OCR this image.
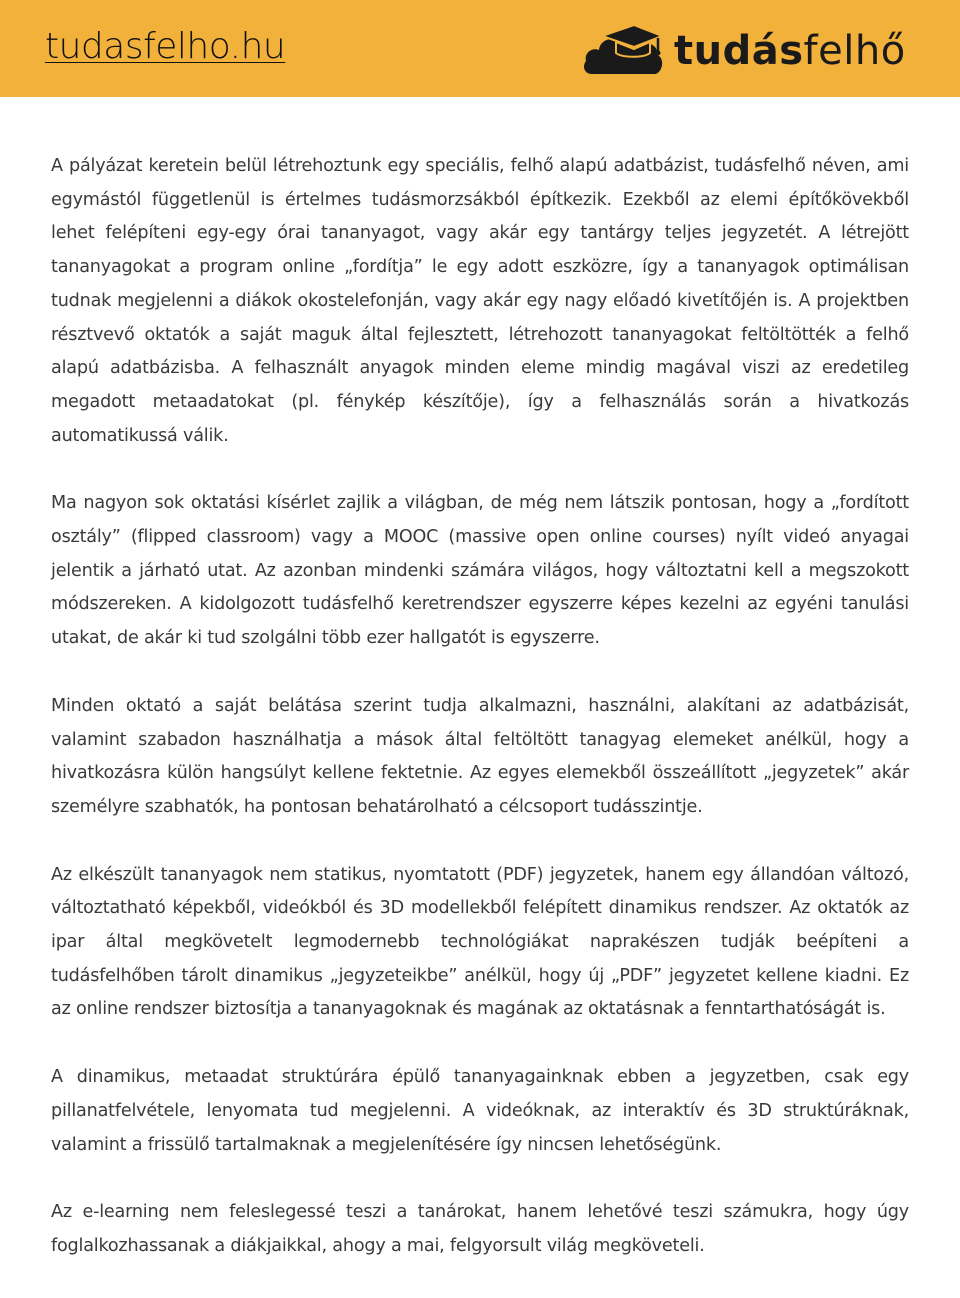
tudasfelho.hu	tudásfelhő

A pályázat keretein belül létrehoztunk egy speciális, felhő alapú adatbázist, tudásfelhő néven, ami egymástól függetlenül is értelmes tudásmorzsákból építkezik. Ezekből az elemi építőkövekből lehet felépíteni egy-egy órai tananyagot, vagy akár egy tantárgy teljes jegyzetét. A létrejött tananyagokat a program online „fordítja” le egy adott eszközre, így a tananyagok optimálisan tudnak megjelenni a diákok okostelefonján, vagy akár egy nagy előadó kivetítőjén is. A projektben résztvevő oktatók a saját maguk által fejlesztett, létrehozott tananyagokat feltöltötték a felhő alapú adatbázisba. A felhasznált anyagok minden eleme mindig magával viszi az eredetileg megadott metaadatokat (pl. fénykép készítője), így a felhasználás során a hivatkozás automatikussá válik.

Ma nagyon sok oktatási kísérlet zajlik a világban, de még nem látszik pontosan, hogy a „fordított osztály” (flipped classroom) vagy a MOOC (massive open online courses) nyílt videó anyagai jelentik a járható utat. Az azonban mindenki számára világos, hogy változtatni kell a megszokott módszereken. A kidolgozott tudásfelhő keretrendszer egyszerre képes kezelni az egyéni tanulási utakat, de akár ki tud szolgálni több ezer hallgatót is egyszerre.

Minden oktató a saját belátása szerint tudja alkalmazni, használni, alakítani az adatbázisát, valamint szabadon használhatja a mások által feltöltött tanagyag elemeket anélkül, hogy a hivatkozásra külön hangsúlyt kellene fektetnie. Az egyes elemekből összeállított „jegyzetek” akár személyre szabhatók, ha pontosan behatárolható a célcsoport tudásszintje.

Az elkészült tananyagok nem statikus, nyomtatott (PDF) jegyzetek, hanem egy állandóan változó, változtatható képekből, videókból és 3D modellekből felépített dinamikus rendszer. Az oktatók az ipar által megkövetelt legmodernebb technológiákat naprakészen tudják beépíteni a tudásfelhőben tárolt dinamikus „jegyzeteikbe” anélkül, hogy új „PDF” jegyzetet kellene kiadni. Ez az online rendszer biztosítja a tananyagoknak és magának az oktatásnak a fenntarthatóságát is.

A dinamikus, metaadat struktúrára épülő tananyagainknak ebben a jegyzetben, csak egy pillanatfelvétele, lenyomata tud megjelenni. A videóknak, az interaktív és 3D struktúráknak, valamint a frissülő tartalmaknak a megjelenítésére így nincsen lehetőségünk.

Az e-learning nem feleslegessé teszi a tanárokat, hanem lehetővé teszi számukra, hogy úgy foglalkozhassanak a diákjaikkal, ahogy a mai, felgyorsult világ megköveteli.
